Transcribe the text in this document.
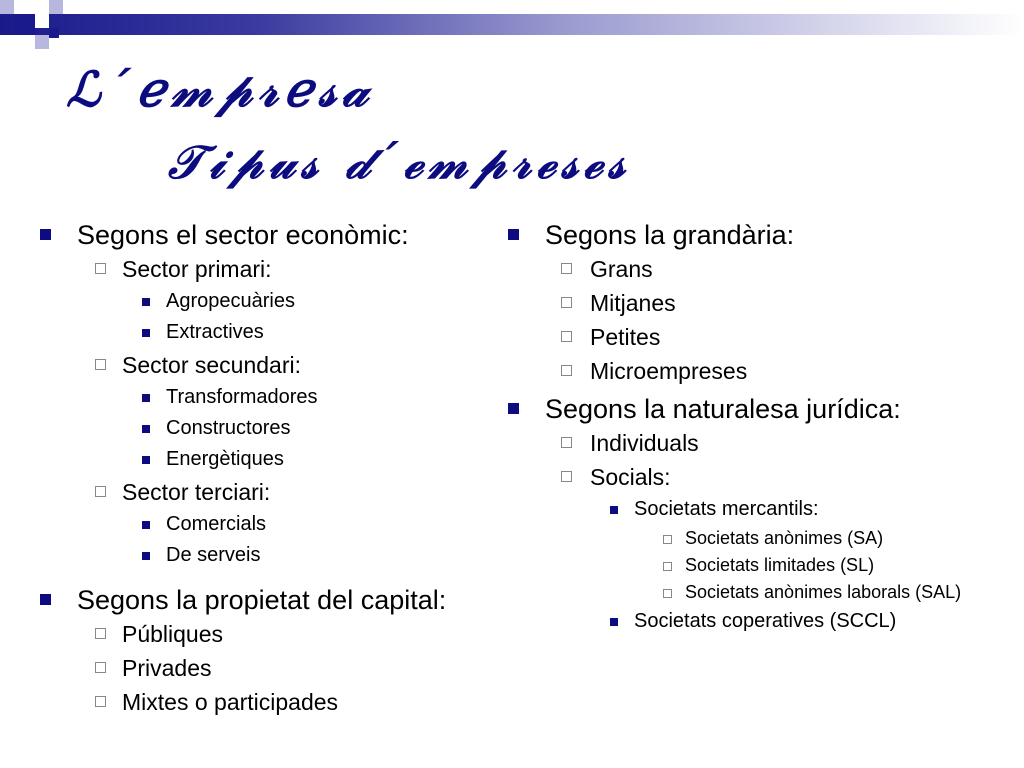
ℒ´ℯ𝓂𝓅𝓇ℯ𝓈𝒶
𝒯𝒾𝓅𝓊𝓈 𝒹´ℯ𝓂𝓅𝓇ℯ𝓈ℯ𝓈
Segons el sector econòmic:
Sector primari:
Agropecuàries
Extractives
Sector secundari:
Transformadores
Constructores
Energètiques
Sector terciari:
Comercials
De serveis
Segons la propietat del capital:
Públiques
Privades
Mixtes o participades
Segons la grandària:
Grans
Mitjanes
Petites
Microempreses
Segons la naturalesa jurídica:
Individuals
Socials:
Societats mercantils:
Societats anònimes (SA)
Societats limitades (SL)
Societats anònimes laborals (SAL)
Societats coperatives (SCCL)
